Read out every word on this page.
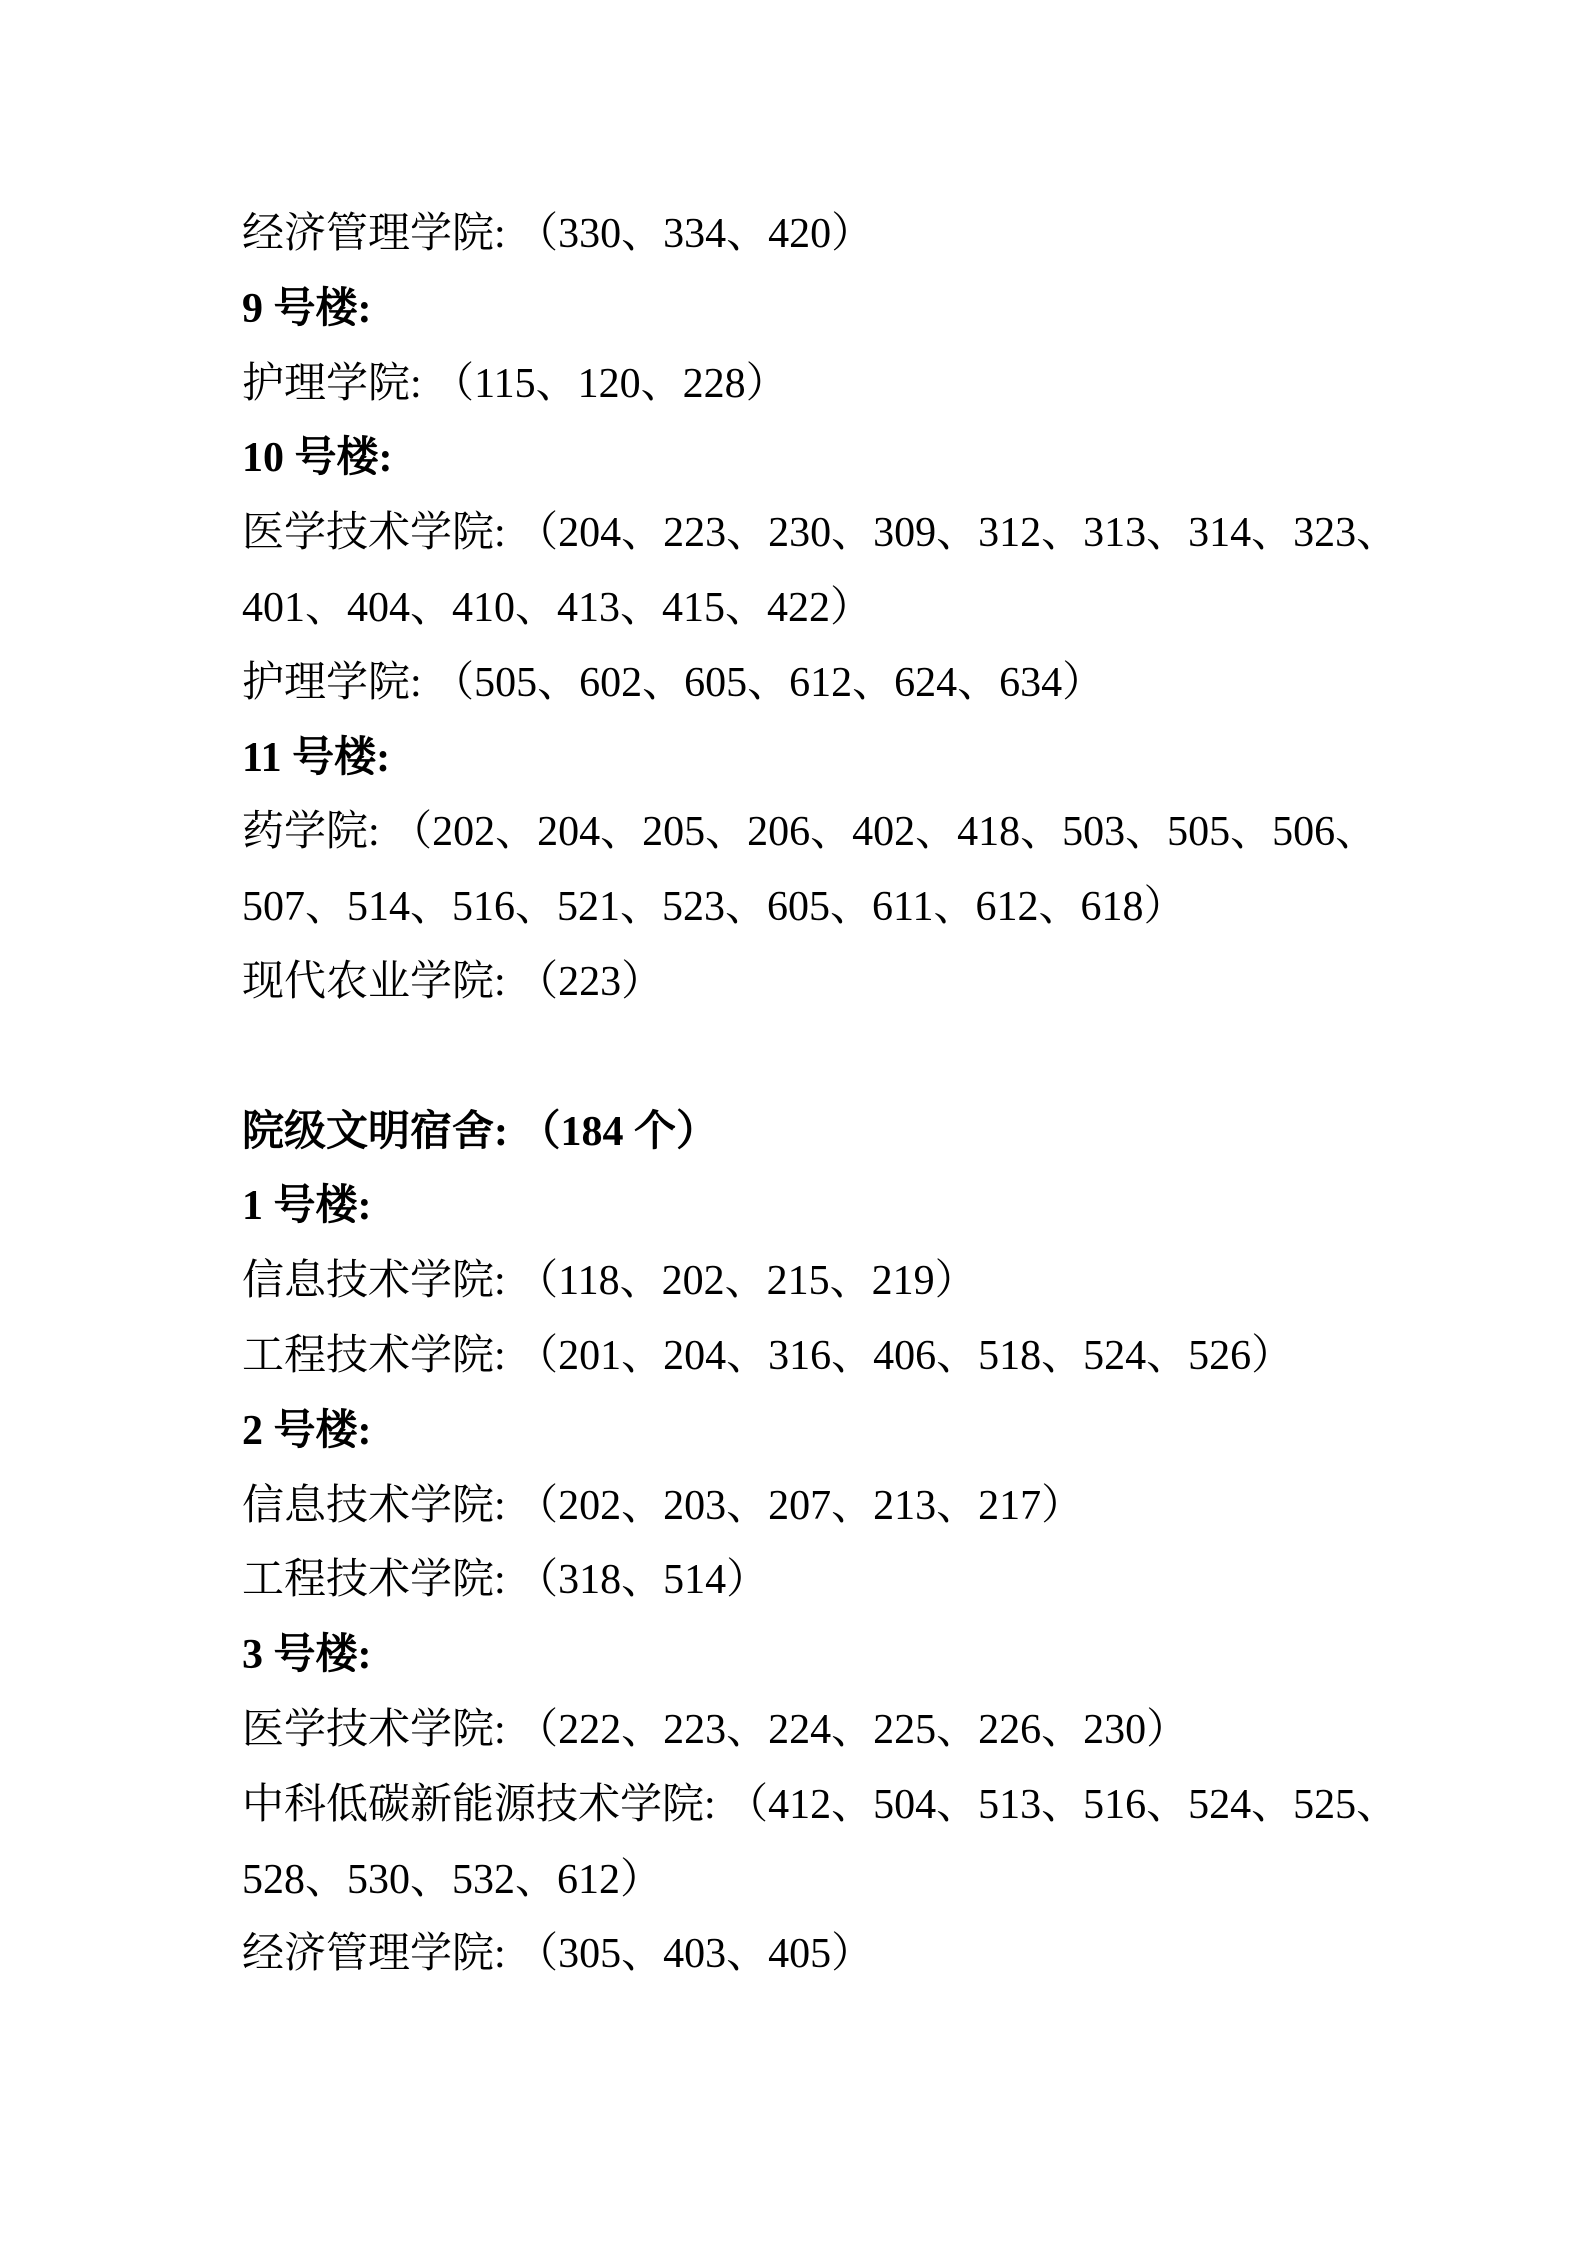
经济管理学院: （330、334、420）
9 号楼:
护理学院: （115、120、228）
10 号楼:
医学技术学院: （204、223、230、309、312、313、314、323、
401、404、410、413、415、422）
护理学院: （505、602、605、612、624、634）
11 号楼:
药学院: （202、204、205、206、402、418、503、505、506、
507、514、516、521、523、605、611、612、618）
现代农业学院: （223）
院级文明宿舍: （184 个）
1 号楼:
信息技术学院: （118、202、215、219）
工程技术学院: （201、204、316、406、518、524、526）
2 号楼:
信息技术学院: （202、203、207、213、217）
工程技术学院: （318、514）
3 号楼:
医学技术学院: （222、223、224、225、226、230）
中科低碳新能源技术学院: （412、504、513、516、524、525、
528、530、532、612）
经济管理学院: （305、403、405）
